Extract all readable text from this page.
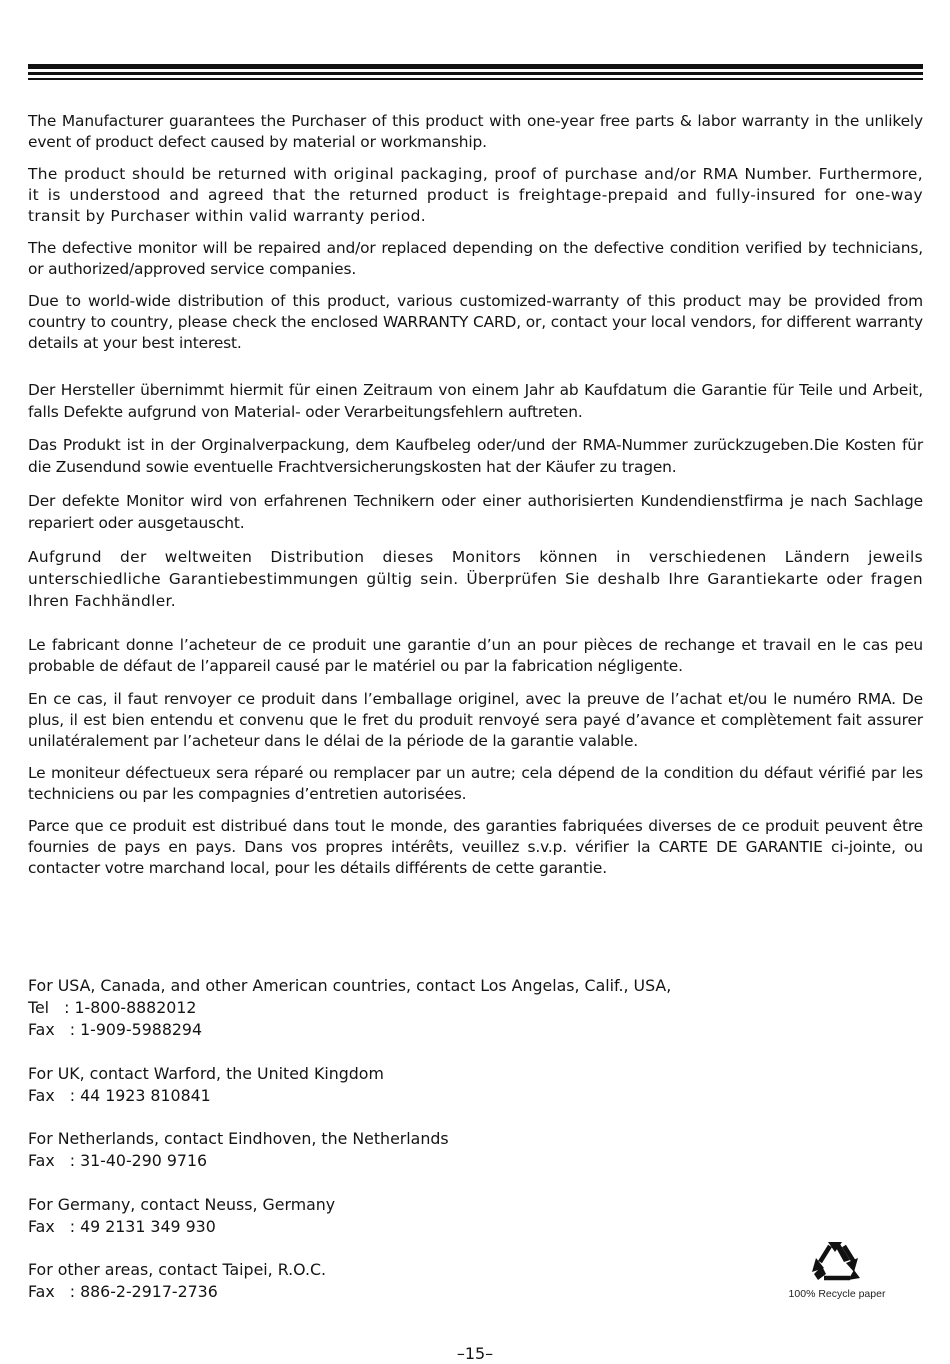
The Manufacturer guarantees the Purchaser of this product with one-year free parts & labor warranty in the unlikely event of product defect caused by material or workmanship.

The product should be returned with original packaging, proof of purchase and/or RMA Number. Furthermore, it is understood and agreed that the returned product is freightage-prepaid and fully-insured for one-way transit by Purchaser within valid warranty period.

The defective monitor will be repaired and/or replaced depending on the defective condition verified by technicians, or authorized/approved service companies.

Due to world-wide distribution of this product, various customized-warranty of this product may be provided from country to country, please check the enclosed WARRANTY CARD, or, contact your local vendors, for different warranty details at your best interest.

Der Hersteller übernimmt hiermit für einen Zeitraum von einem Jahr ab Kaufdatum die Garantie für Teile und Arbeit, falls Defekte aufgrund von Material- oder Verarbeitungsfehlern auftreten.

Das Produkt ist in der Orginalverpackung, dem Kaufbeleg oder/und der RMA-Nummer zurückzugeben.Die Kosten für die Zusendund sowie eventuelle Frachtversicherungskosten hat der Käufer zu tragen.

Der defekte Monitor wird von erfahrenen Technikern oder einer authorisierten Kundendienstfirma je nach Sachlage repariert oder ausgetauscht.

Aufgrund der weltweiten Distribution dieses Monitors können in verschiedenen Ländern jeweils unterschiedliche Garantiebestimmungen gültig sein. Überprüfen Sie deshalb Ihre Garantiekarte oder fragen Ihren Fachhändler.

Le fabricant donne l’acheteur de ce produit une garantie d’un an pour pièces de rechange et travail en le cas peu probable de défaut de l’appareil causé par le matériel ou par la fabrication négligente.

En ce cas, il faut renvoyer ce produit dans l’emballage originel, avec la preuve de l’achat et/ou le numéro RMA. De plus, il est bien entendu et convenu que le fret du produit renvoyé sera payé d’avance et complètement fait assurer unilatéralement par l’acheteur dans le délai de la période de la garantie valable.

Le moniteur défectueux sera réparé ou remplacer par un autre; cela dépend de la condition du défaut vérifié par les techniciens ou par les compagnies d’entretien autorisées.

Parce que ce produit est distribué dans tout le monde, des garanties fabriquées diverses de ce produit peuvent être fournies de pays en pays. Dans vos propres intérêts, veuillez s.v.p. vérifier la CARTE DE GARANTIE ci-jointe, ou contacter votre marchand local, pour les détails différents de cette garantie.

For USA, Canada, and other American countries, contact Los Angelas, Calif., USA,
Tel   : 1-800-8882012
Fax   : 1-909-5988294
For UK, contact Warford, the United Kingdom
Fax   : 44 1923 810841
For Netherlands, contact Eindhoven, the Netherlands
Fax   : 31-40-290 9716
For Germany, contact Neuss, Germany
Fax   : 49 2131 349 930
For other areas, contact Taipei, R.O.C.
Fax   : 886-2-2917-2736	100% Recycle paper
–15–
